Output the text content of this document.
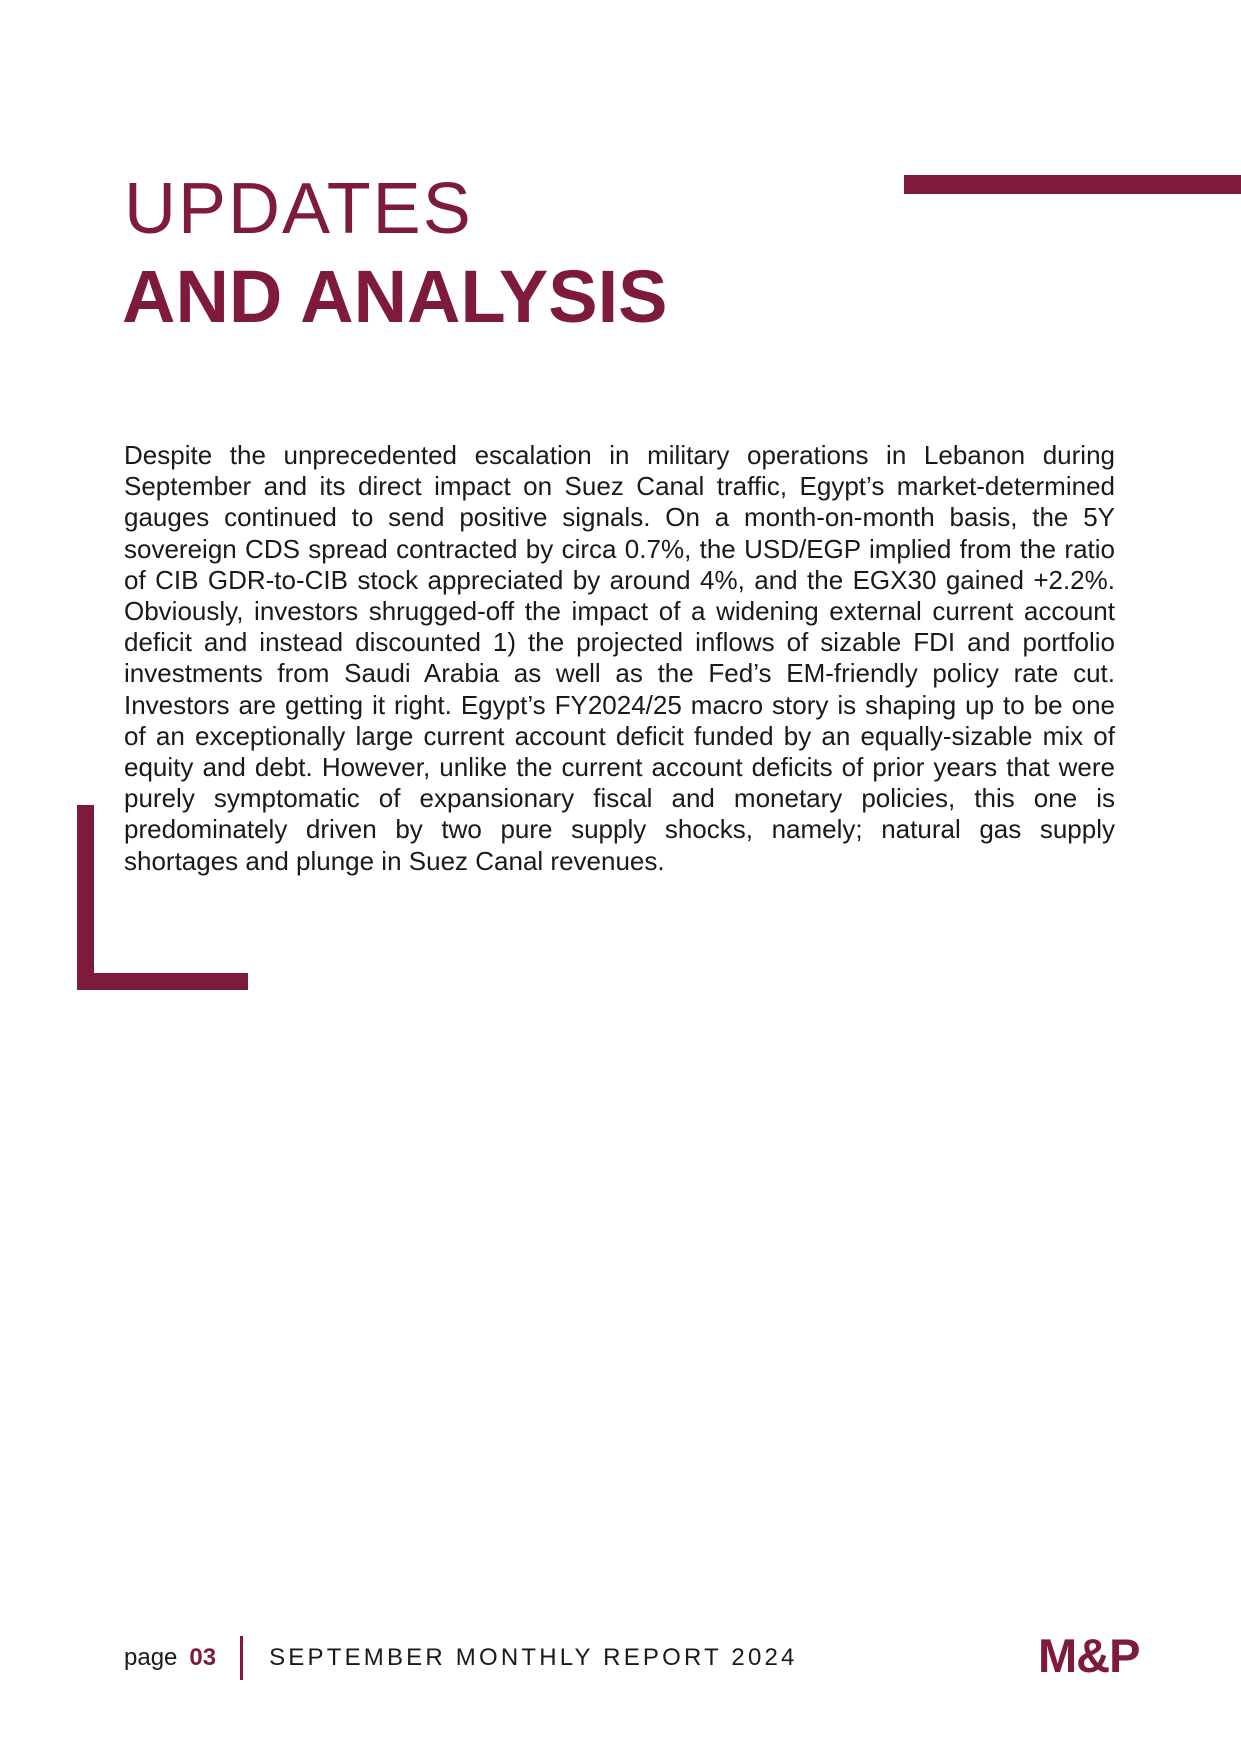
UPDATES
AND ANALYSIS

Despite the unprecedented escalation in military operations in Lebanon during September and its direct impact on Suez Canal traffic, Egypt’s market-determined gauges continued to send positive signals. On a month-on-month basis, the 5Y sovereign CDS spread contracted by circa 0.7%, the USD/EGP implied from the ratio of CIB GDR-to-CIB stock appreciated by around 4%, and the EGX30 gained +2.2%. Obviously, investors shrugged-off the impact of a widening external current account deficit and instead discounted 1) the projected inflows of sizable FDI and portfolio investments from Saudi Arabia as well as the Fed’s EM-friendly policy rate cut. Investors are getting it right. Egypt’s FY2024/25 macro story is shaping up to be one of an exceptionally large current account deficit funded by an equally-sizable mix of equity and debt. However, unlike the current account deficits of prior years that were purely symptomatic of expansionary fiscal and monetary policies, this one is predominately driven by two pure supply shocks, namely; natural gas supply shortages and plunge in Suez Canal revenues.

page 03 SEPTEMBER MONTHLY REPORT 2024	M&P
